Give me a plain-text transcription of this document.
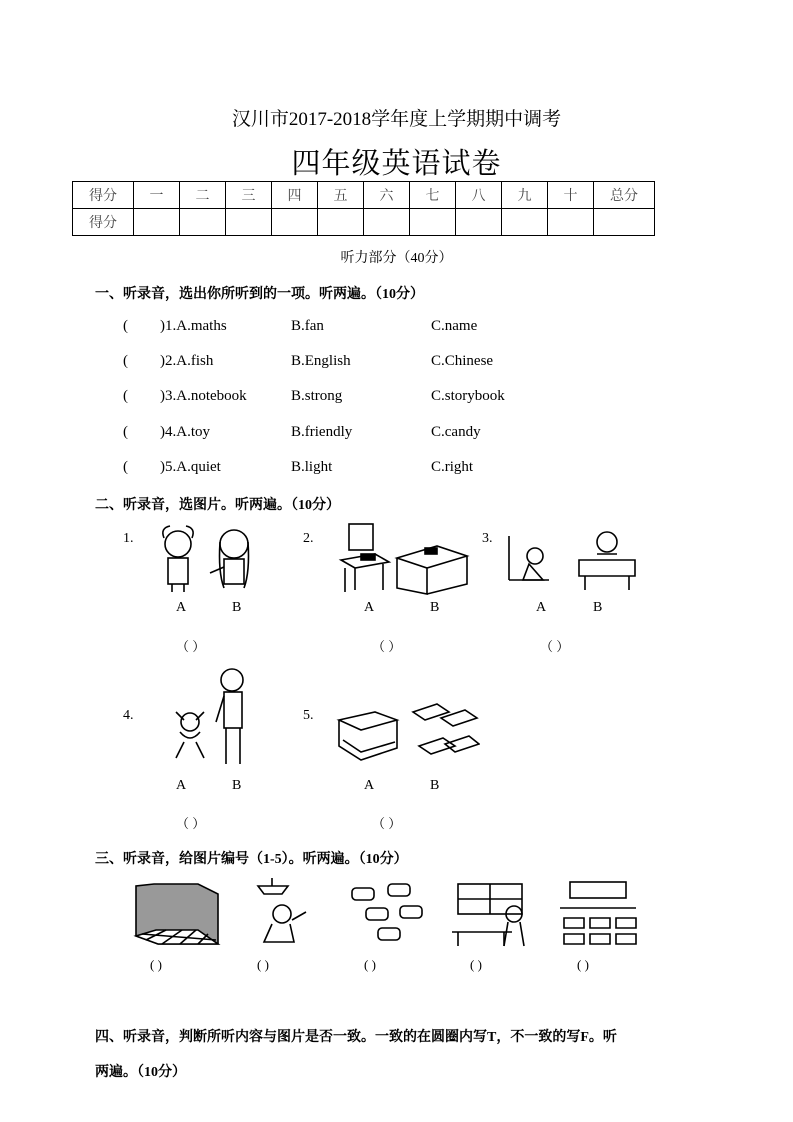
汉川市2017-2018学年度上学期期中调考
四年级英语试卷
得分	一	二	三	四	五	六	七	八	九	十	总分
得分											
听力部分（40分）
一、听录音，选出你所听到的一项。听两遍。（10分）
( )1.A.maths	B.fan	C.name
( )2.A.fish	B.English	C.Chinese
( )3.A.notebook	B.strong	C.storybook
( )4.A.toy	B.friendly	C.candy
( )5.A.quiet	B.light	C.right
二、听录音，选图片。听两遍。（10分）
1.
A	B
（ ）
2.
A	B
（ ）
3.
A	B
（ ）
4.
A	B
（ ）
5.
A	B
（ ）
三、听录音，给图片编号（1-5）。听两遍。（10分）
( )	( )	( )	( )	( )
四、听录音，判断所听内容与图片是否一致。一致的在圆圈内写T，不一致的写F。听
两遍。（10分）
